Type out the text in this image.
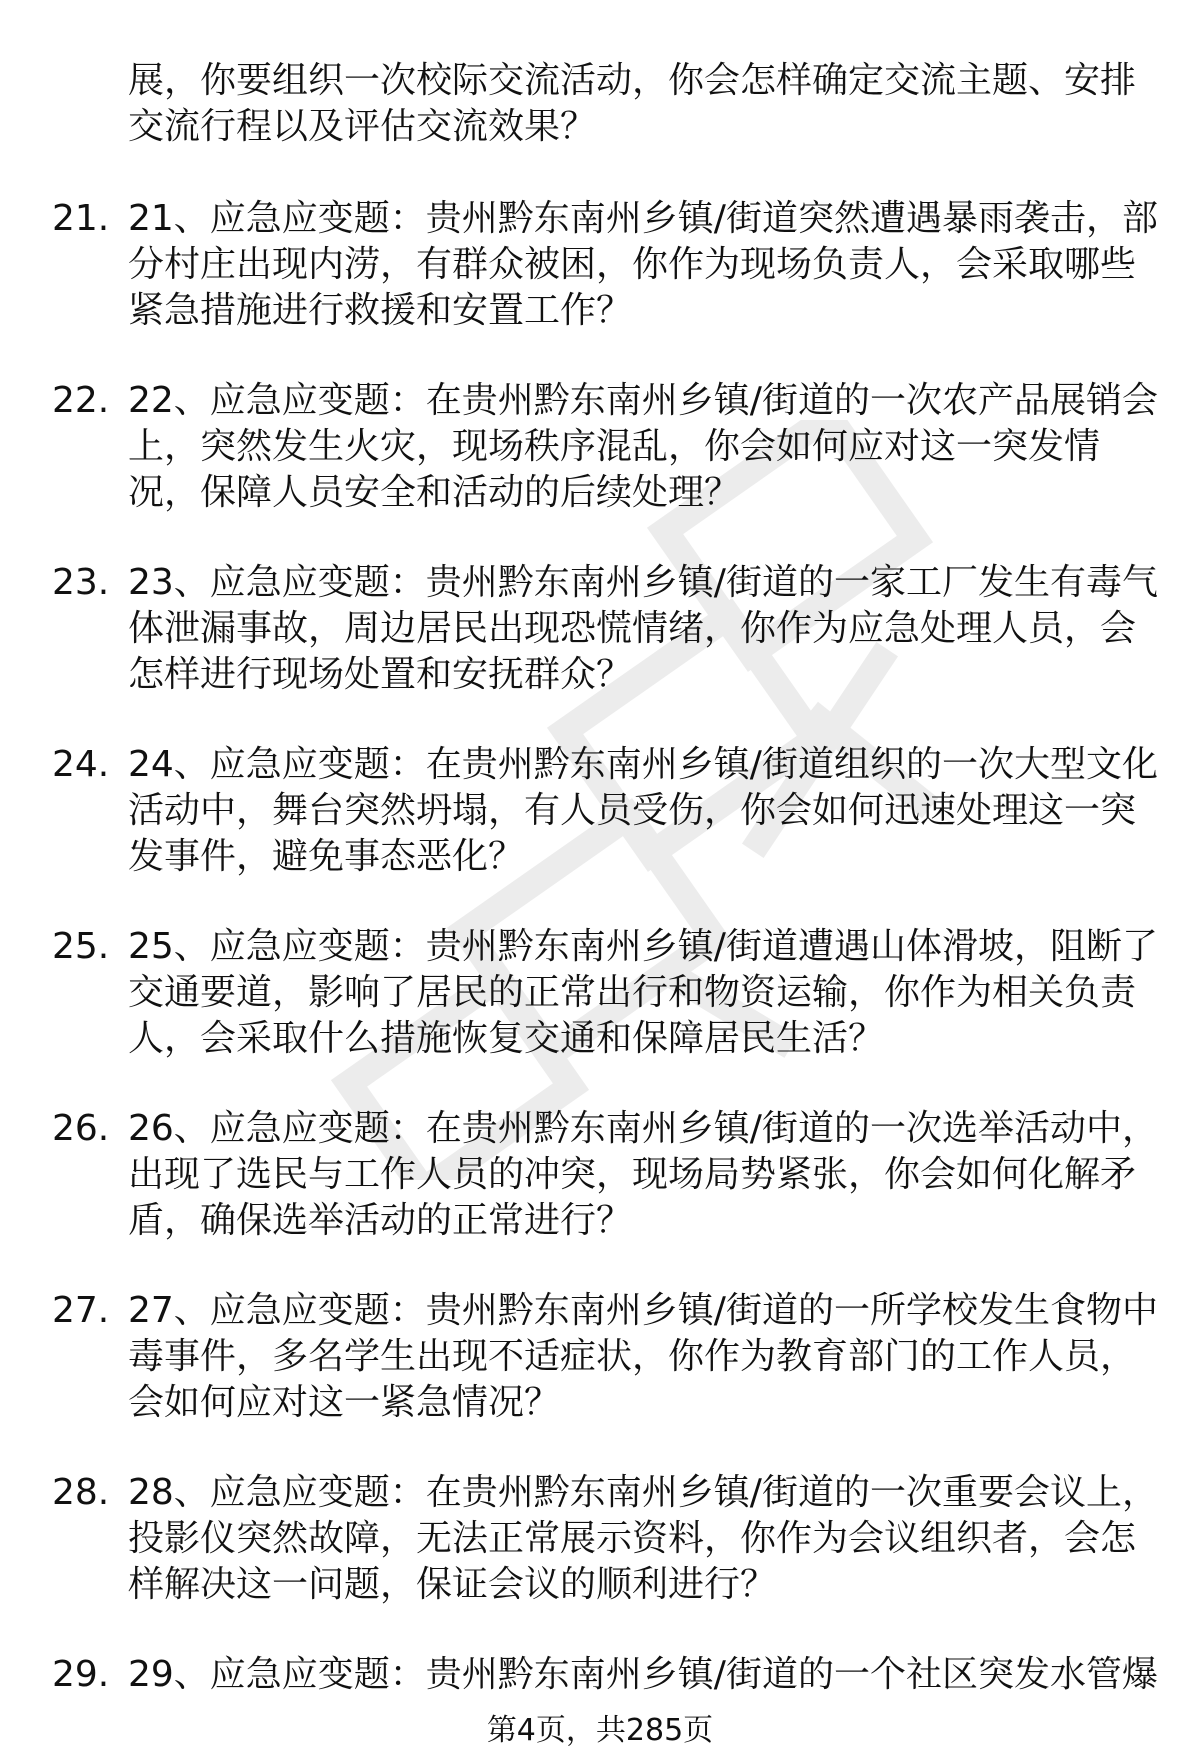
展，你要组织一次校际交流活动，你会怎样确定交流主题、安排交流行程以及评估交流效果？
21. 21、应急应变题：贵州黔东南州乡镇/街道突然遭遇暴雨袭击，部分村庄出现内涝，有群众被困，你作为现场负责人，会采取哪些紧急措施进行救援和安置工作？
22. 22、应急应变题：在贵州黔东南州乡镇/街道的一次农产品展销会上，突然发生火灾，现场秩序混乱，你会如何应对这一突发情况，保障人员安全和活动的后续处理？
23. 23、应急应变题：贵州黔东南州乡镇/街道的一家工厂发生有毒气体泄漏事故，周边居民出现恐慌情绪，你作为应急处理人员，会怎样进行现场处置和安抚群众？
24. 24、应急应变题：在贵州黔东南州乡镇/街道组织的一次大型文化活动中，舞台突然坍塌，有人员受伤，你会如何迅速处理这一突发事件，避免事态恶化？
25. 25、应急应变题：贵州黔东南州乡镇/街道遭遇山体滑坡，阻断了交通要道，影响了居民的正常出行和物资运输，你作为相关负责人，会采取什么措施恢复交通和保障居民生活？
26. 26、应急应变题：在贵州黔东南州乡镇/街道的一次选举活动中，出现了选民与工作人员的冲突，现场局势紧张，你会如何化解矛盾，确保选举活动的正常进行？
27. 27、应急应变题：贵州黔东南州乡镇/街道的一所学校发生食物中毒事件，多名学生出现不适症状，你作为教育部门的工作人员，会如何应对这一紧急情况？
28. 28、应急应变题：在贵州黔东南州乡镇/街道的一次重要会议上，投影仪突然故障，无法正常展示资料，你作为会议组织者，会怎样解决这一问题，保证会议的顺利进行？
29. 29、应急应变题：贵州黔东南州乡镇/街道的一个社区突发水管爆
第4页，共285页
